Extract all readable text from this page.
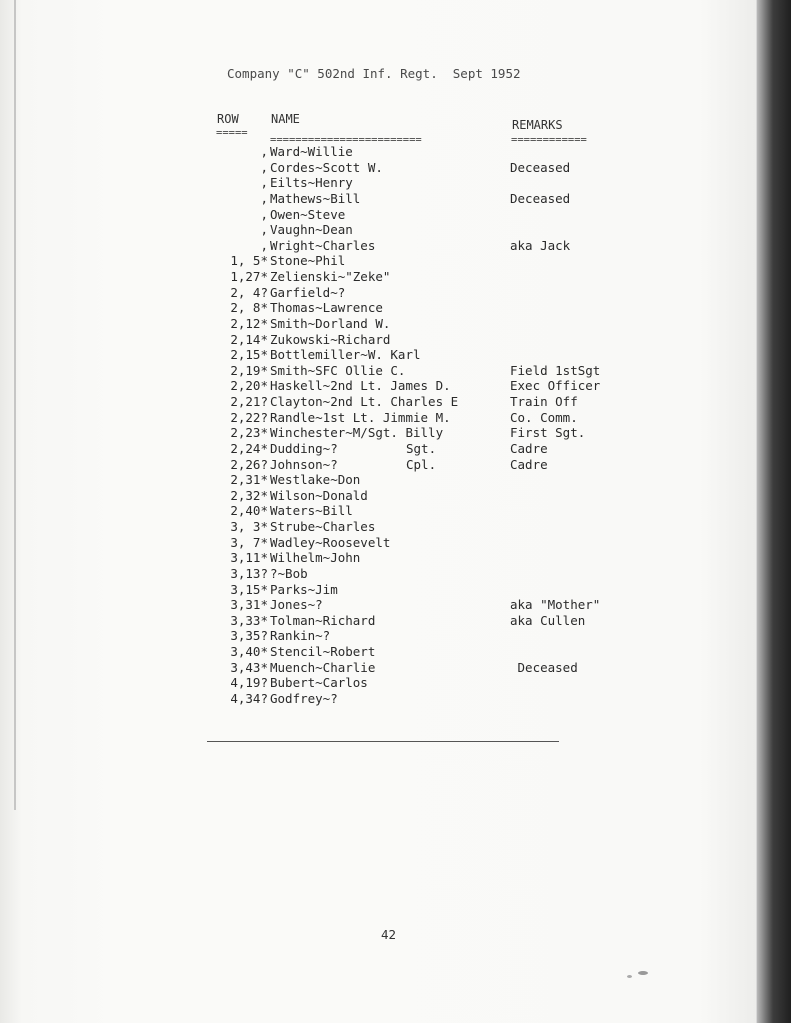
Company "C" 502nd Inf. Regt.  Sept 1952
ROW	NAME	REMARKS
=====
========================	============
, Ward~Willie
, Cordes~Scott W.	Deceased
, Eilts~Henry
, Mathews~Bill	Deceased
, Owen~Steve
, Vaughn~Dean
, Wright~Charles	aka Jack
1, 5* Stone~Phil
1,27* Zelienski~"Zeke"
2, 4? Garfield~?
2, 8* Thomas~Lawrence
2,12* Smith~Dorland W.
2,14* Zukowski~Richard
2,15* Bottlemiller~W. Karl
2,19* Smith~SFC Ollie C.	Field 1stSgt
2,20* Haskell~2nd Lt. James D.	Exec Officer
2,21? Clayton~2nd Lt. Charles E	Train Off
2,22? Randle~1st Lt. Jimmie M.	Co. Comm.
2,23* Winchester~M/Sgt. Billy	First Sgt.
2,24* Dudding~?	Sgt.	Cadre
2,26? Johnson~?	Cpl.	Cadre
2,31* Westlake~Don
2,32* Wilson~Donald
2,40* Waters~Bill
3, 3* Strube~Charles
3, 7* Wadley~Roosevelt
3,11* Wilhelm~John
3,13? ?~Bob
3,15* Parks~Jim
3,31* Jones~?	aka "Mother"
3,33* Tolman~Richard	aka Cullen
3,35? Rankin~?
3,40* Stencil~Robert
3,43* Muench~Charlie	Deceased
4,19? Bubert~Carlos
4,34? Godfrey~?
42
